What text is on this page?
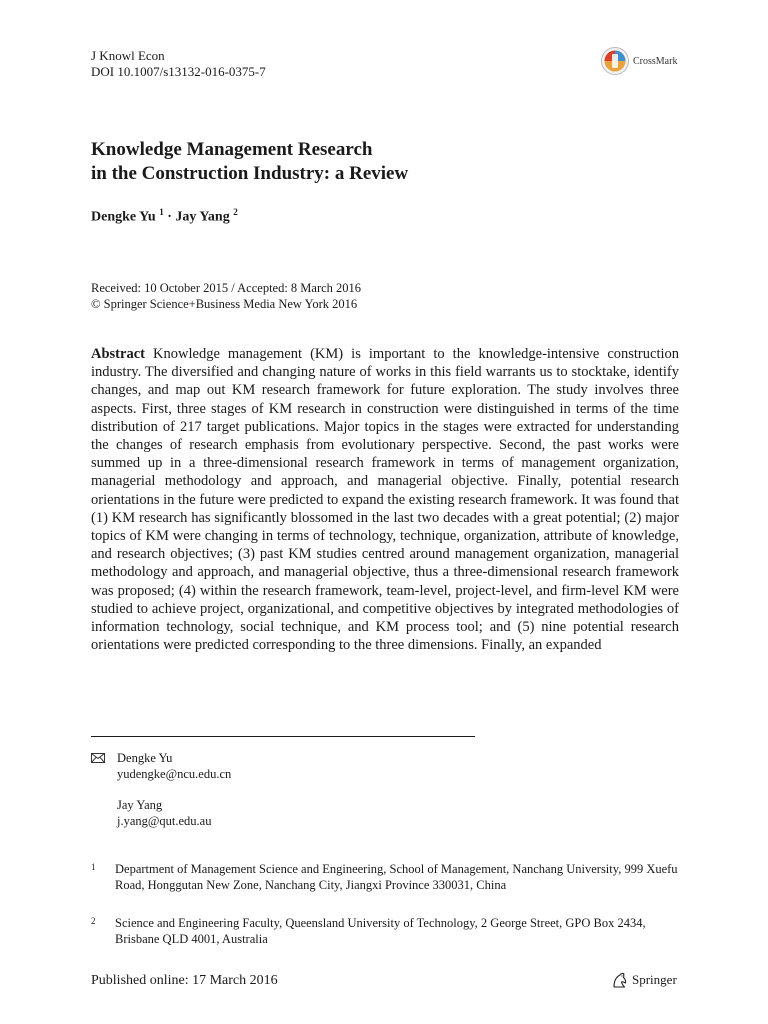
J Knowl Econ
DOI 10.1007/s13132-016-0375-7
CrossMark
Knowledge Management Research
in the Construction Industry: a Review
Dengke Yu $^1$ · Jay Yang $^2$
Received: 10 October 2015 / Accepted: 8 March 2016
© Springer Science+Business Media New York 2016

Abstract Knowledge management (KM) is important to the knowledge-intensive construction industry. The diversified and changing nature of works in this field warrants us to stocktake, identify changes, and map out KM research framework for future exploration. The study involves three aspects. First, three stages of KM research in construction were distinguished in terms of the time distribution of 217 target publications. Major topics in the stages were extracted for understanding the changes of research emphasis from evolutionary perspective. Second, the past works were summed up in a three-dimensional research framework in terms of management organization, managerial methodology and approach, and managerial objective. Finally, potential research orientations in the future were predicted to expand the existing research framework. It was found that (1) KM research has significantly blossomed in the last two decades with a great potential; (2) major topics of KM were changing in terms of technology, technique, organization, attribute of knowledge, and research objectives; (3) past KM studies centred around management organization, managerial methodology and approach, and managerial objective, thus a three-dimensional research framework was proposed; (4) within the research framework, team-level, project-level, and firm-level KM were studied to achieve project, organizational, and competitive objectives by integrated methodologies of information technology, social technique, and KM process tool; and (5) nine potential research orientations were predicted corresponding to the three dimensions. Finally, an expanded

Dengke Yu
yudengke@ncu.edu.cn
Jay Yang
j.yang@qut.edu.au
1	Department of Management Science and Engineering, School of Management, Nanchang University, 999 Xuefu Road, Honggutan New Zone, Nanchang City, Jiangxi Province 330031, China
2	Science and Engineering Faculty, Queensland University of Technology, 2 George Street, GPO Box 2434, Brisbane QLD 4001, Australia
Published online: 17 March 2016	Springer
